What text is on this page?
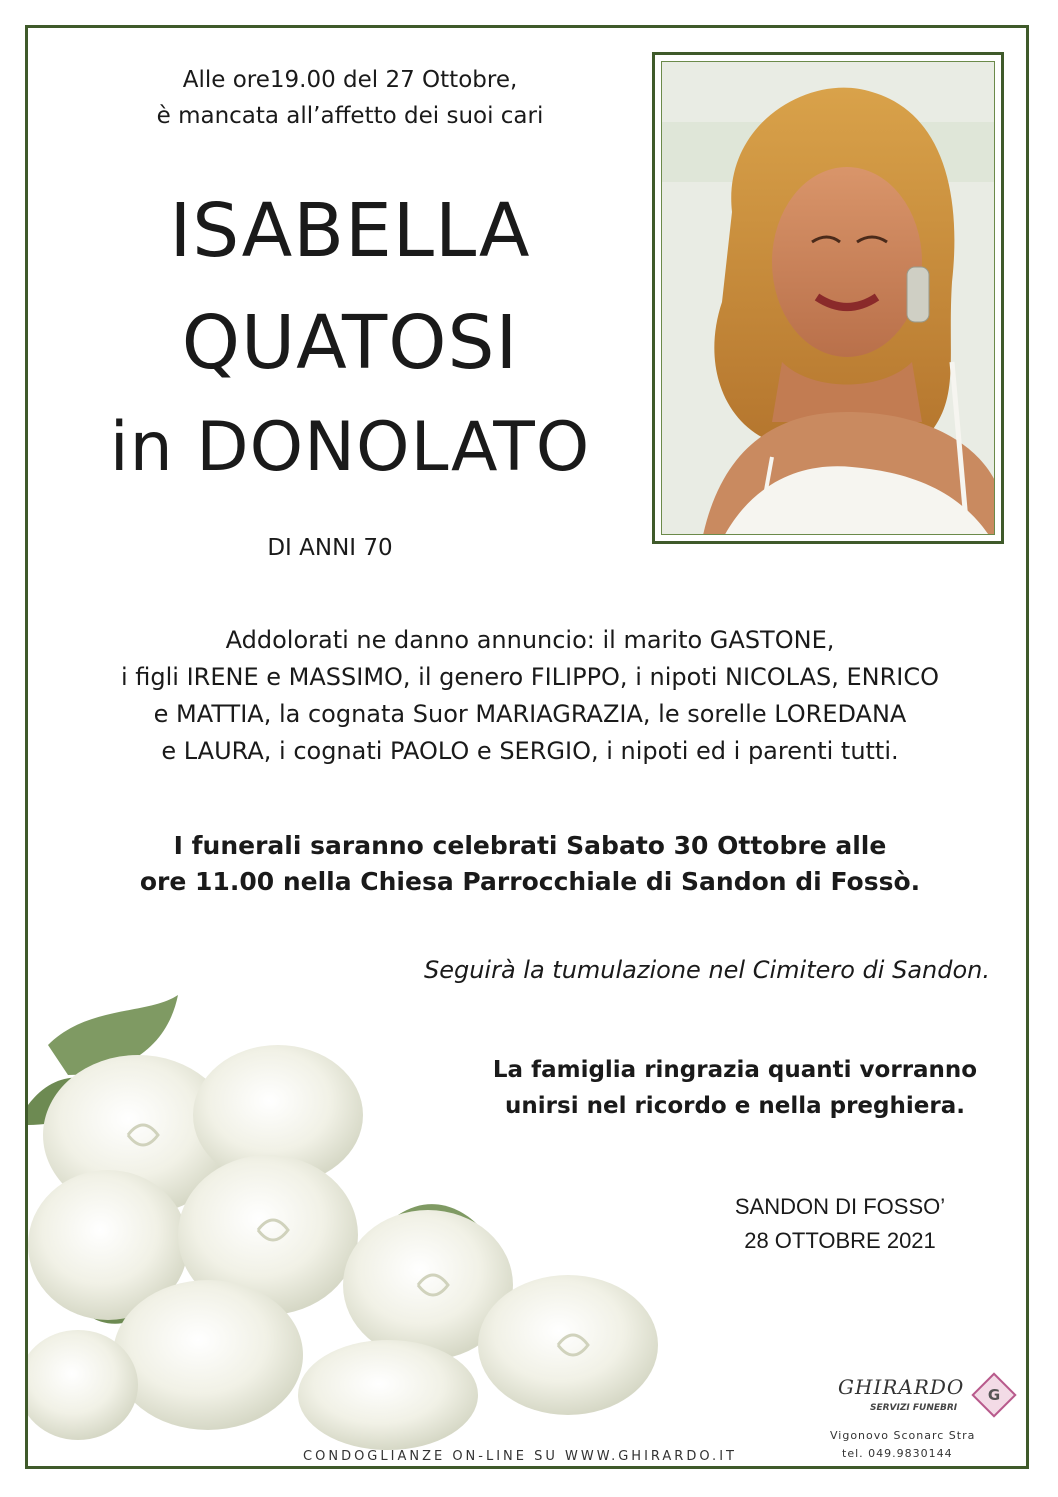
Alle ore19.00 del 27 Ottobre,
è mancata all’affetto dei suoi cari
ISABELLA
QUATOSI
in DONOLATO
DI ANNI 70
Addolorati ne danno annuncio: il marito GASTONE,
i figli IRENE e MASSIMO, il genero FILIPPO, i nipoti NICOLAS, ENRICO
e MATTIA, la cognata Suor MARIAGRAZIA, le sorelle LOREDANA
e LAURA, i cognati PAOLO e SERGIO, i nipoti ed i parenti tutti.
I funerali saranno celebrati Sabato 30 Ottobre alle
ore 11.00 nella Chiesa Parrocchiale di Sandon di Fossò.
Seguirà la tumulazione nel Cimitero di Sandon.
La famiglia ringrazia quanti vorranno
unirsi nel ricordo e nella preghiera.
SANDON DI FOSSO’
28 OTTOBRE 2021
GHIRARDO	G
SERVIZI FUNEBRI
Vigonovo Sconarc Stra
tel. 049.9830144
CONDOGLIANZE ON-LINE SU WWW.GHIRARDO.IT
